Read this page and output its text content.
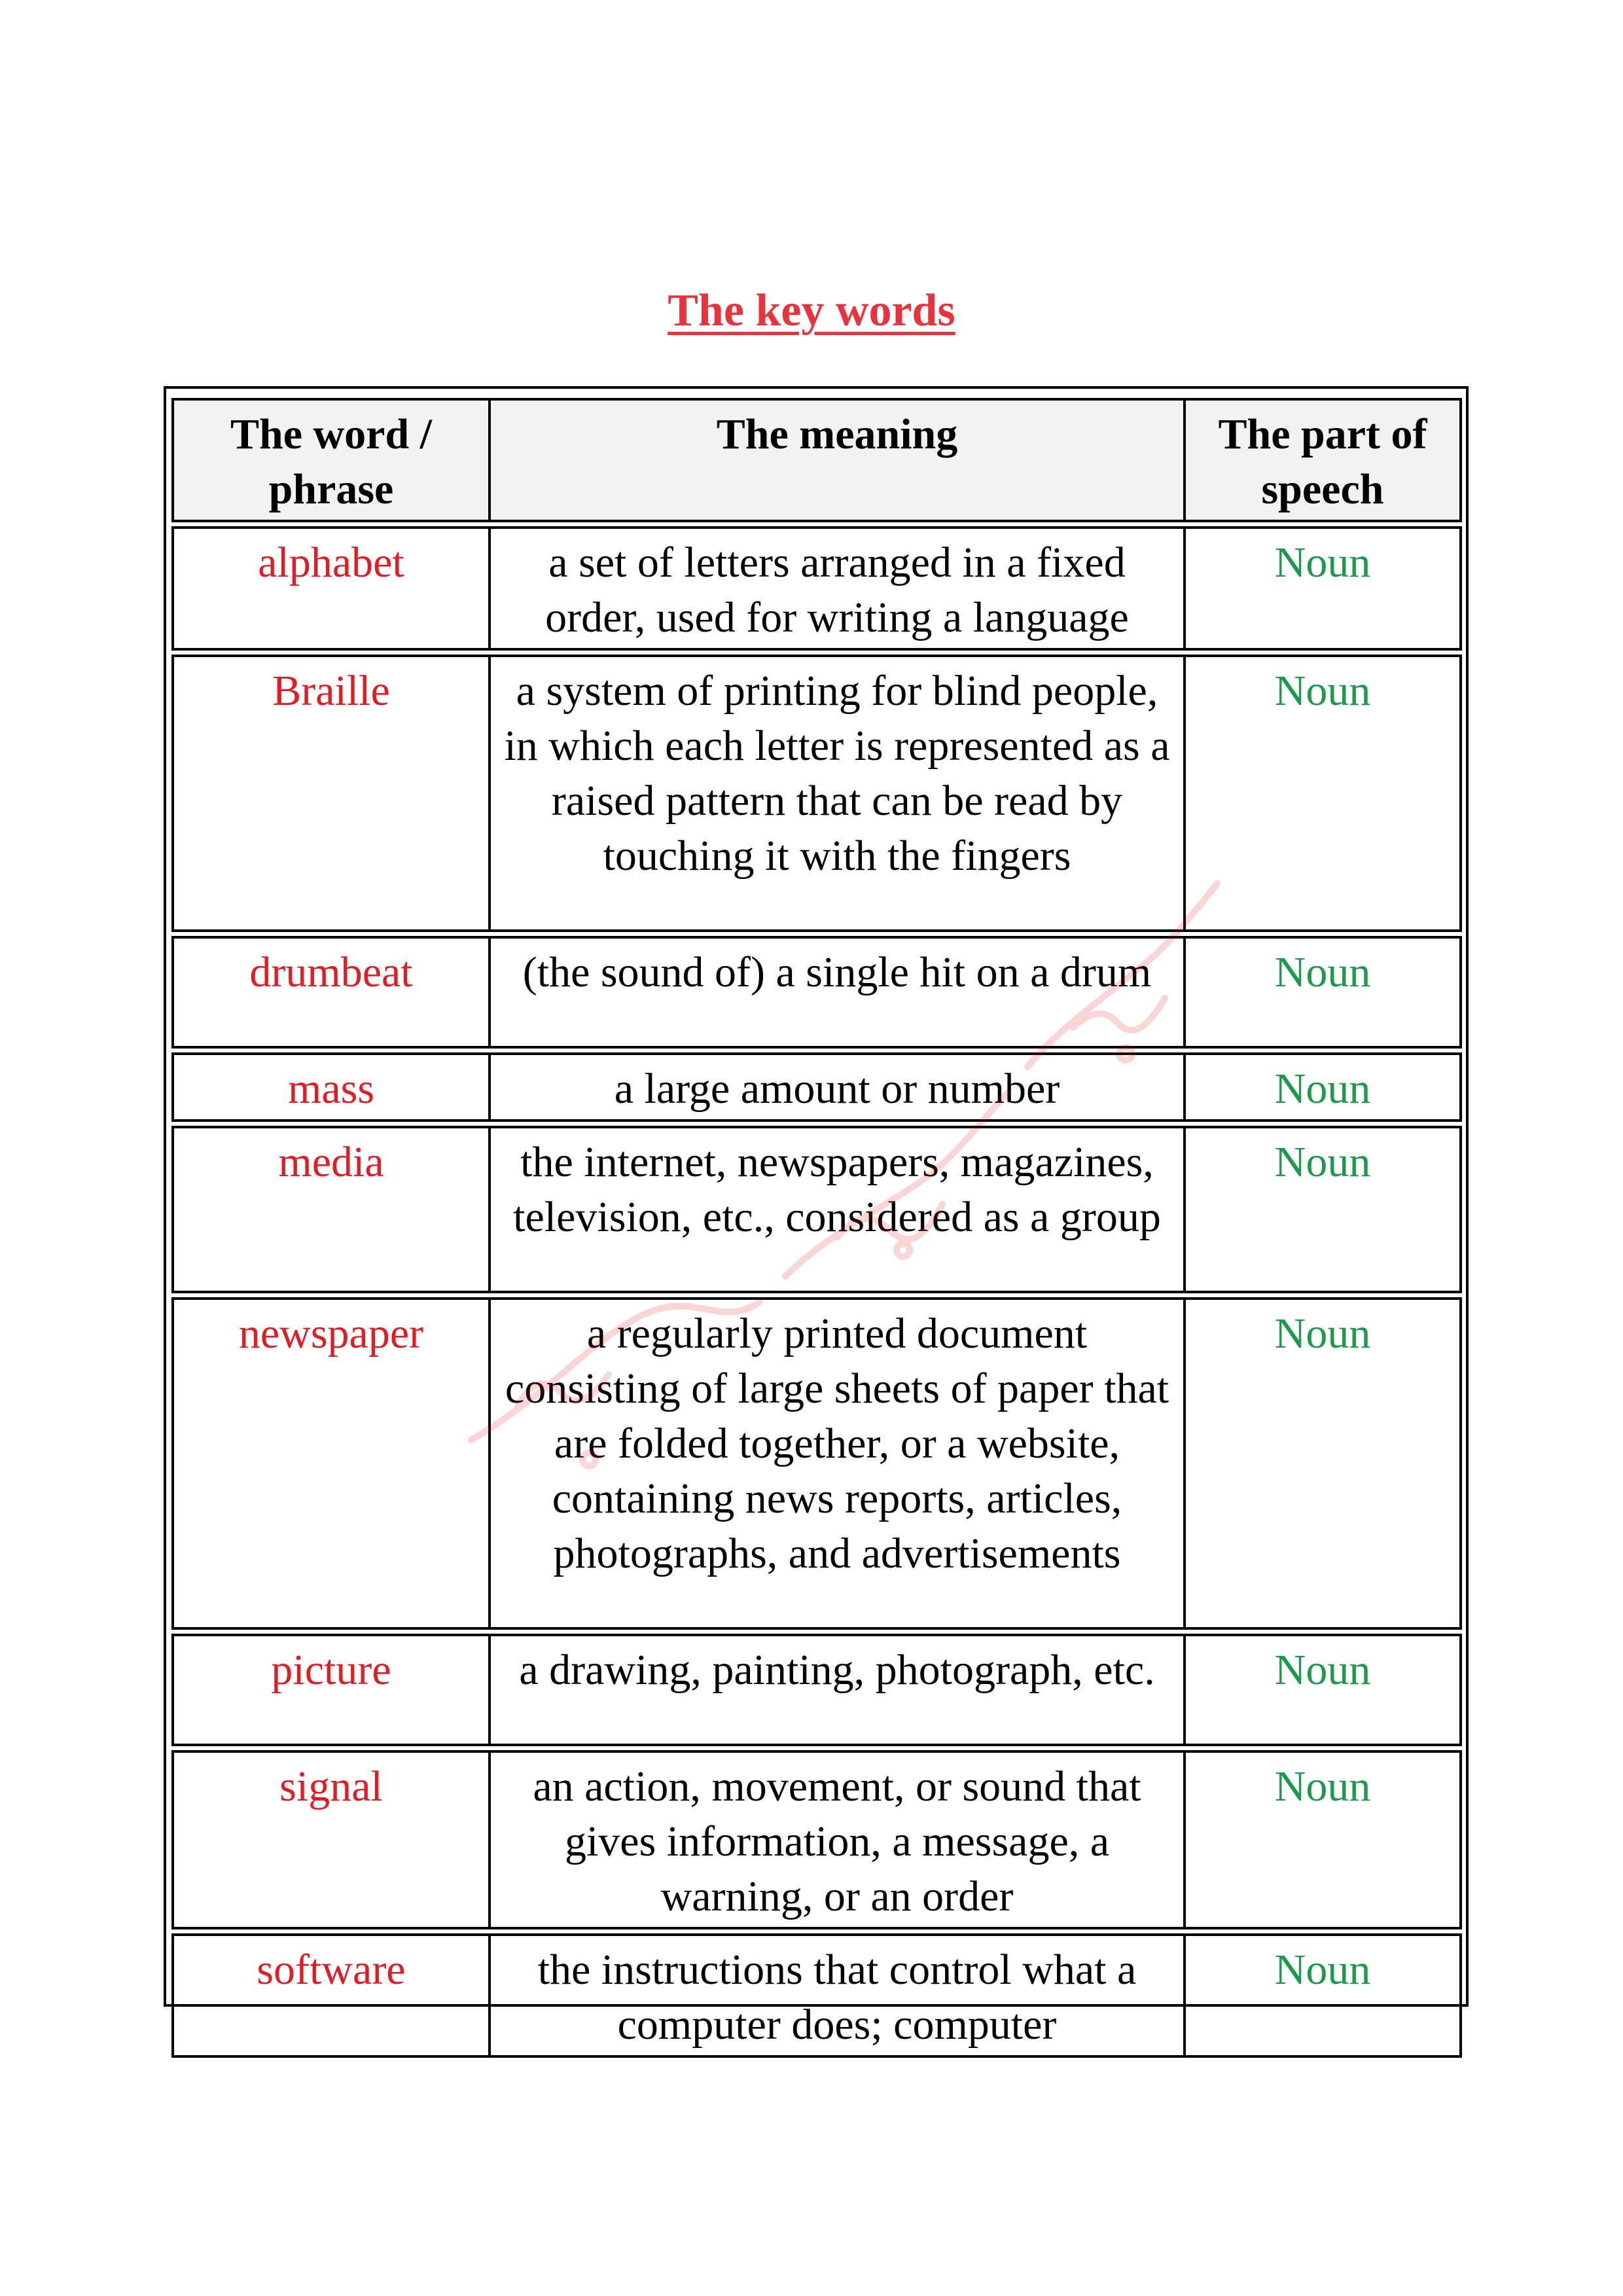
The key words
The word / phrase	The meaning	The part of speech
alphabet	a set of letters arranged in a fixed order, used for writing a language	Noun
Braille	a system of printing for blind people, in which each letter is represented as a raised pattern that can be read by touching it with the fingers	Noun
drumbeat	(the sound of) a single hit on a drum	Noun
mass	a large amount or number	Noun
media	the internet, newspapers, magazines, television, etc., considered as a group	Noun
newspaper	a regularly printed document consisting of large sheets of paper that are folded together, or a website, containing news reports, articles, photographs, and advertisements	Noun
picture	a drawing, painting, photograph, etc.	Noun
signal	an action, movement, or sound that gives information, a message, a warning, or an order	Noun
software	the instructions that control what a computer does; computer	Noun
